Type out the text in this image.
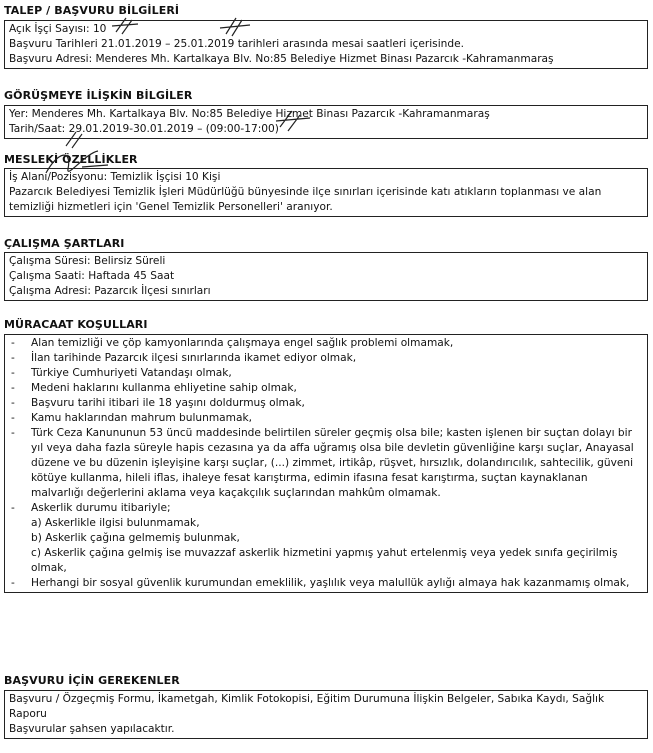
TALEP / BAŞVURU BİLGİLERİ
Açık İşçi Sayısı: 10
Başvuru Tarihleri 21.01.2019 – 25.01.2019 tarihleri arasında mesai saatleri içerisinde.
Başvuru Adresi: Menderes Mh. Kartalkaya Blv. No:85 Belediye Hizmet Binası Pazarcık -Kahramanmaraş
GÖRÜŞMEYE İLİŞKİN BİLGİLER
Yer: Menderes Mh. Kartalkaya Blv. No:85 Belediye Hizmet Binası Pazarcık -Kahramanmaraş
Tarih/Saat: 29.01.2019-30.01.2019 – (09:00-17:00)
MESLEKİ ÖZELLİKLER
İş Alanı/Pozisyonu: Temizlik İşçisi 10 Kişi
Pazarcık Belediyesi Temizlik İşleri Müdürlüğü bünyesinde ilçe sınırları içerisinde katı atıkların toplanması ve alan temizliği hizmetleri için 'Genel Temizlik Personelleri' aranıyor.
ÇALIŞMA ŞARTLARI
Çalışma Süresi: Belirsiz Süreli
Çalışma Saati: Haftada 45 Saat
Çalışma Adresi: Pazarcık İlçesi sınırları
MÜRACAAT KOŞULLARI
- Alan temizliği ve çöp kamyonlarında çalışmaya engel sağlık problemi olmamak,
- İlan tarihinde Pazarcık ilçesi sınırlarında ikamet ediyor olmak,
- Türkiye Cumhuriyeti Vatandaşı olmak,
- Medeni haklarını kullanma ehliyetine sahip olmak,
- Başvuru tarihi itibari ile 18 yaşını doldurmuş olmak,
- Kamu haklarından mahrum bulunmamak,
- Türk Ceza Kanununun 53 üncü maddesinde belirtilen süreler geçmiş olsa bile; kasten işlenen bir suçtan dolayı bir yıl veya daha fazla süreyle hapis cezasına ya da affa uğramış olsa bile devletin güvenliğine karşı suçlar, Anayasal düzene ve bu düzenin işleyişine karşı suçlar, (...) zimmet, irtikâp, rüşvet, hırsızlık, dolandırıcılık, sahtecilik, güveni kötüye kullanma, hileli iflas, ihaleye fesat karıştırma, edimin ifasına fesat karıştırma, suçtan kaynaklanan malvarlığı değerlerini aklama veya kaçakçılık suçlarından mahkûm olmamak.
- Askerlik durumu itibariyle;
a) Askerlikle ilgisi bulunmamak,
b) Askerlik çağına gelmemiş bulunmak,
c) Askerlik çağına gelmiş ise muvazzaf askerlik hizmetini yapmış yahut ertelenmiş veya yedek sınıfa geçirilmiş olmak,
- Herhangi bir sosyal güvenlik kurumundan emeklilik, yaşlılık veya malullük aylığı almaya hak kazanmamış olmak,
BAŞVURU İÇİN GEREKENLER
Başvuru / Özgeçmiş Formu, İkametgah, Kimlik Fotokopisi, Eğitim Durumuna İlişkin Belgeler, Sabıka Kaydı, Sağlık Raporu
Başvurular şahsen yapılacaktır.
